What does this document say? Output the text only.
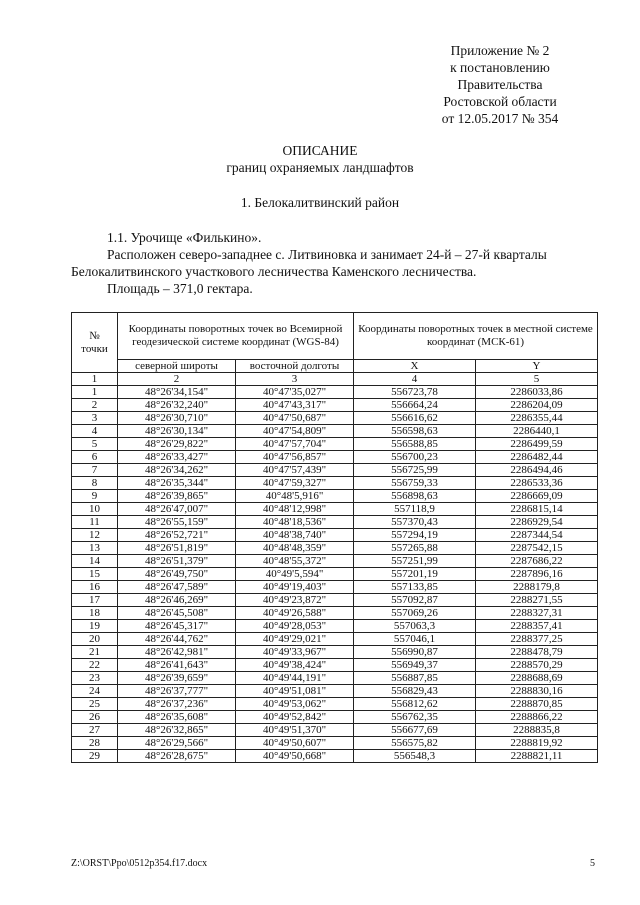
Приложение № 2
к постановлению
Правительства
Ростовской области
от 12.05.2017 № 354
ОПИСАНИЕ
границ охраняемых ландшафтов
1. Белокалитвинский район
1.1. Урочище «Филькино».
Расположен северо-западнее с. Литвиновка и занимает 24-й – 27-й кварталы
Белокалитвинского участкового лесничества Каменского лесничества.
Площадь – 371,0 гектара.
№ точки	Координаты поворотных точек во Всемирной геодезической системе координат (WGS-84)		Координаты поворотных точек в местной системе координат (МСК-61)	
	северной широты	восточной долготы	X	Y
1	2	3	4	5
1	48°26'34,154"	40°47'35,027"	556723,78	2286033,86
2	48°26'32,240"	40°47'43,317"	556664,24	2286204,09
3	48°26'30,710"	40°47'50,687"	556616,62	2286355,44
4	48°26'30,134"	40°47'54,809"	556598,63	2286440,1
5	48°26'29,822"	40°47'57,704"	556588,85	2286499,59
6	48°26'33,427"	40°47'56,857"	556700,23	2286482,44
7	48°26'34,262"	40°47'57,439"	556725,99	2286494,46
8	48°26'35,344"	40°47'59,327"	556759,33	2286533,36
9	48°26'39,865"	40°48'5,916"	556898,63	2286669,09
10	48°26'47,007"	40°48'12,998"	557118,9	2286815,14
11	48°26'55,159"	40°48'18,536"	557370,43	2286929,54
12	48°26'52,721"	40°48'38,740"	557294,19	2287344,54
13	48°26'51,819"	40°48'48,359"	557265,88	2287542,15
14	48°26'51,379"	40°48'55,372"	557251,99	2287686,22
15	48°26'49,750"	40°49'5,594"	557201,19	2287896,16
16	48°26'47,589"	40°49'19,403"	557133,85	2288179,8
17	48°26'46,269"	40°49'23,872"	557092,87	2288271,55
18	48°26'45,508"	40°49'26,588"	557069,26	2288327,31
19	48°26'45,317"	40°49'28,053"	557063,3	2288357,41
20	48°26'44,762"	40°49'29,021"	557046,1	2288377,25
21	48°26'42,981"	40°49'33,967"	556990,87	2288478,79
22	48°26'41,643"	40°49'38,424"	556949,37	2288570,29
23	48°26'39,659"	40°49'44,191"	556887,85	2288688,69
24	48°26'37,777"	40°49'51,081"	556829,43	2288830,16
25	48°26'37,236"	40°49'53,062"	556812,62	2288870,85
26	48°26'35,608"	40°49'52,842"	556762,35	2288866,22
27	48°26'32,865"	40°49'51,370"	556677,69	2288835,8
28	48°26'29,566"	40°49'50,607"	556575,82	2288819,92
29	48°26'28,675"	40°49'50,668"	556548,3	2288821,11
Z:\ORST\Ppo\0512p354.f17.docx	5
